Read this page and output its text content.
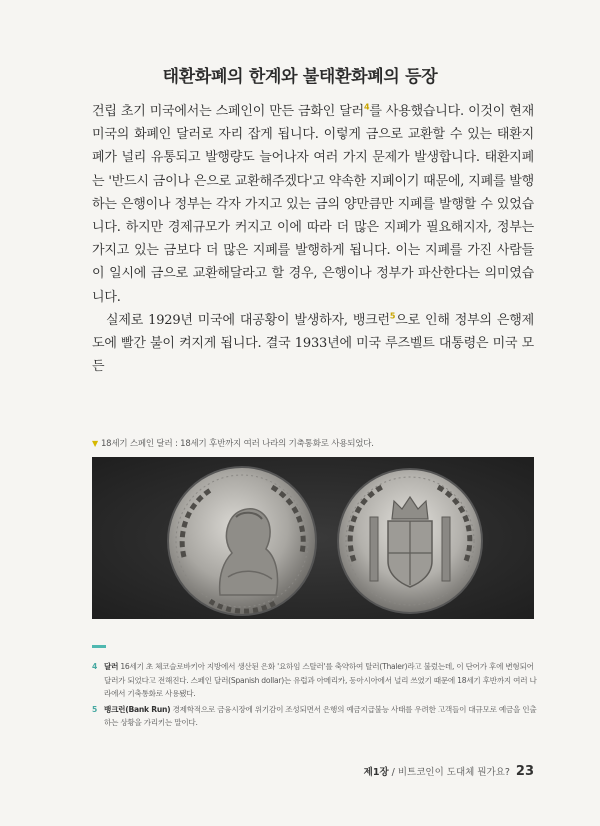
태환화폐의 한계와 불태환화폐의 등장

건립 초기 미국에서는 스페인이 만든 금화인 달러$^4$를 사용했습니다. 이것이 현재 미국의 화폐인 달러로 자리 잡게 됩니다. 이렇게 금으로 교환할 수 있는 태환지폐가 널리 유통되고 발행량도 늘어나자 여러 가지 문제가 발생합니다. 태환지폐는 '반드시 금이나 은으로 교환해주겠다'고 약속한 지폐이기 때문에, 지폐를 발행하는 은행이나 정부는 각자 가지고 있는 금의 양만큼만 지폐를 발행할 수 있었습니다. 하지만 경제규모가 커지고 이에 따라 더 많은 지폐가 필요해지자, 정부는 가지고 있는 금보다 더 많은 지폐를 발행하게 됩니다. 이는 지폐를 가진 사람들이 일시에 금으로 교환해달라고 할 경우, 은행이나 정부가 파산한다는 의미였습니다.

실제로 1929년 미국에 대공황이 발생하자, 뱅크런$^5$으로 인해 정부의 은행제도에 빨간 불이 켜지게 됩니다. 결국 1933년에 미국 루즈벨트 대통령은 미국 모든

▼ 18세기 스페인 달러 : 18세기 후반까지 여러 나라의 기축통화로 사용되었다.

4 달러 16세기 초 체코슬로바키아 지방에서 생산된 은화 '요하임 스탈러'를 축약하여 탈러(Thaler)라고 불렀는데, 이 단어가 후에 변형되어 달러가 되었다고 전해진다. 스페인 달러(Spanish dollar)는 유럽과 아메리카, 동아시아에서 널리 쓰였기 때문에 18세기 후반까지 여러 나라에서 기축통화로 사용됐다.

5 뱅크런(Bank Run) 경제학적으로 금융시장에 위기감이 조성되면서 은행의 예금지급불능 사태를 우려한 고객들이 대규모로 예금을 인출하는 상황을 가리키는 말이다.

제1장 / 비트코인이 도대체 뭔가요? 23
